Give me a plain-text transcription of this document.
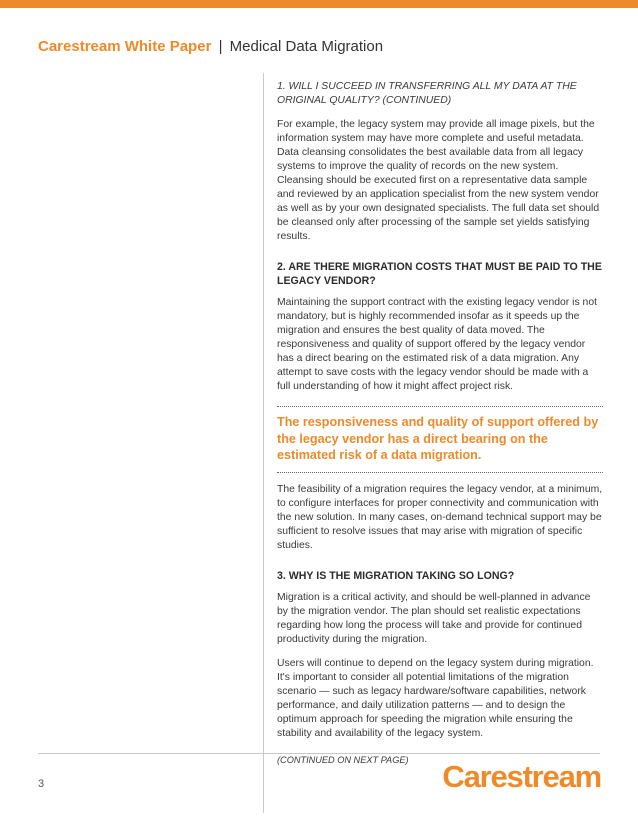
Carestream White Paper | Medical Data Migration

1. WILL I SUCCEED IN TRANSFERRING ALL MY DATA AT THE ORIGINAL QUALITY? (CONTINUED)

For example, the legacy system may provide all image pixels, but the information system may have more complete and useful metadata. Data cleansing consolidates the best available data from all legacy systems to improve the quality of records on the new system. Cleansing should be executed first on a representative data sample and reviewed by an application specialist from the new system vendor as well as by your own designated specialists. The full data set should be cleansed only after processing of the sample set yields satisfying results.

2. ARE THERE MIGRATION COSTS THAT MUST BE PAID TO THE LEGACY VENDOR?

Maintaining the support contract with the existing legacy vendor is not mandatory, but is highly recommended insofar as it speeds up the migration and ensures the best quality of data moved. The responsiveness and quality of support offered by the legacy vendor has a direct bearing on the estimated risk of a data migration. Any attempt to save costs with the legacy vendor should be made with a full understanding of how it might affect project risk.

The responsiveness and quality of support offered by the legacy vendor has a direct bearing on the estimated risk of a data migration.

The feasibility of a migration requires the legacy vendor, at a minimum, to configure interfaces for proper connectivity and communication with the new solution. In many cases, on-demand technical support may be sufficient to resolve issues that may arise with migration of specific studies.

3. WHY IS THE MIGRATION TAKING SO LONG?

Migration is a critical activity, and should be well-planned in advance by the migration vendor. The plan should set realistic expectations regarding how long the process will take and provide for continued productivity during the migration.

Users will continue to depend on the legacy system during migration. It's important to consider all potential limitations of the migration scenario — such as legacy hardware/software capabilities, network performance, and daily utilization patterns — and to design the optimum approach for speeding the migration while ensuring the stability and availability of the legacy system.

(CONTINUED ON NEXT PAGE)

3	Carestream
